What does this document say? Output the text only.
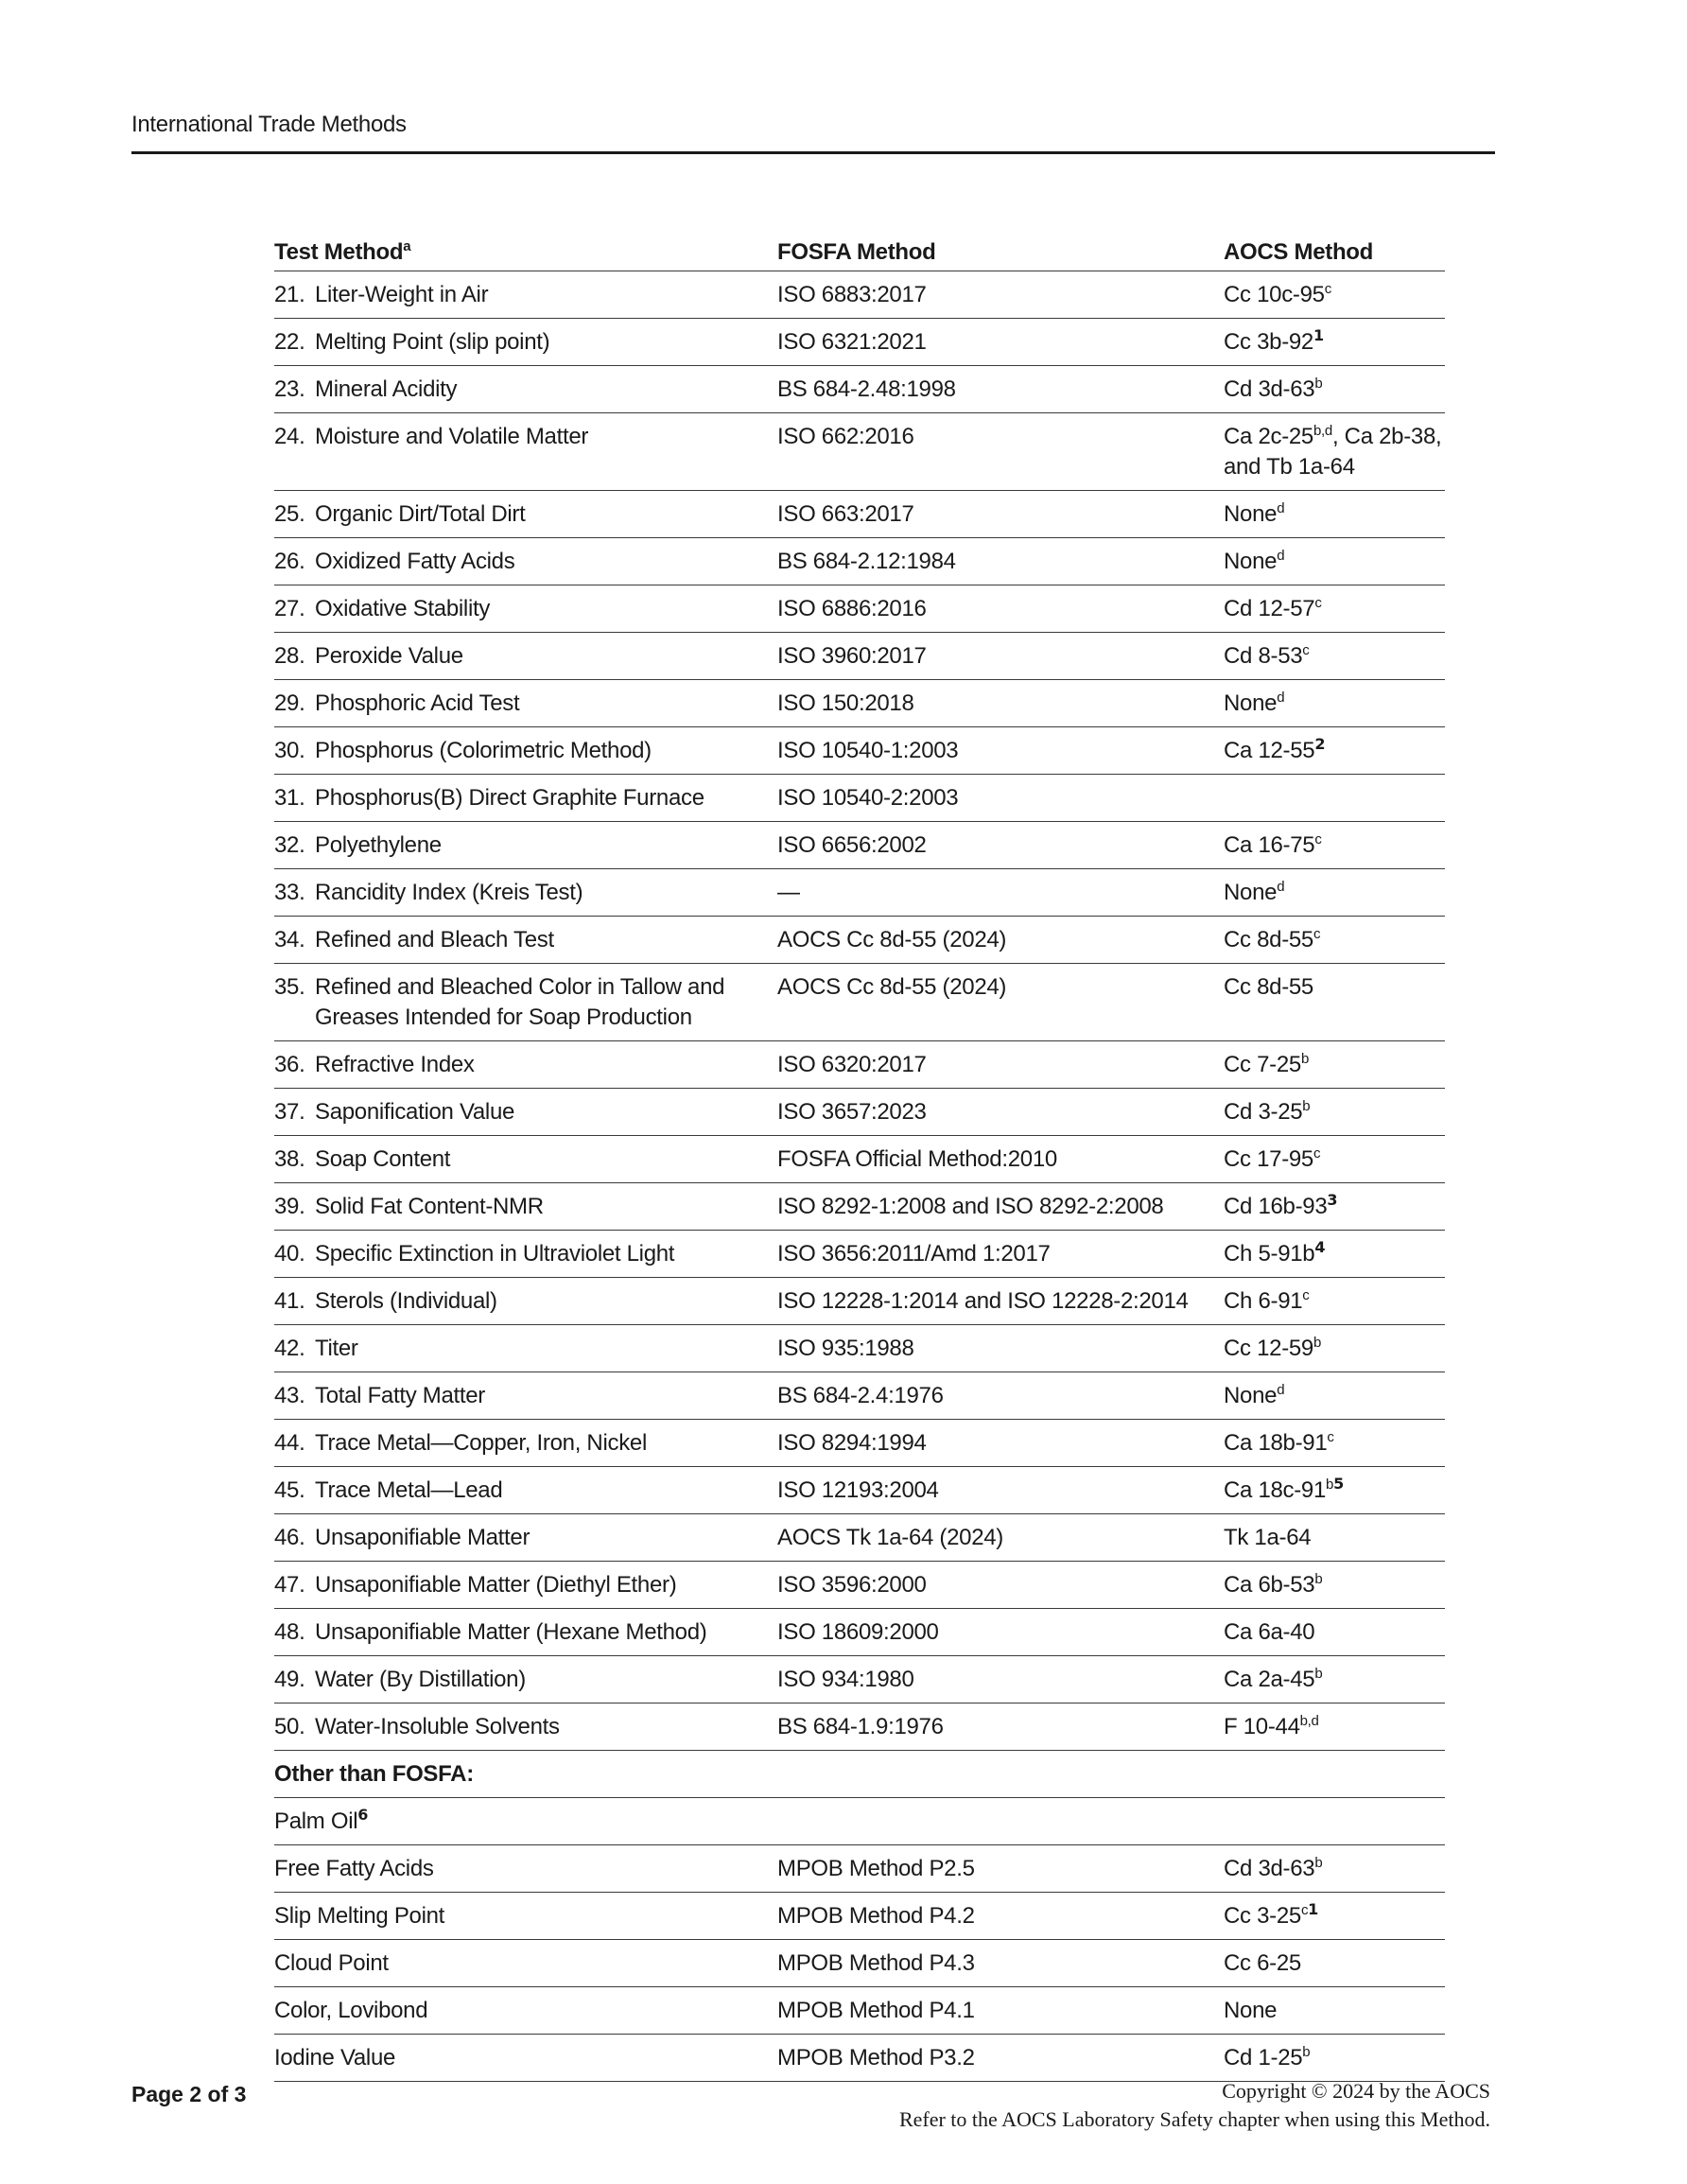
International Trade Methods
Test Method$^a$	FOSFA Method	AOCS Method
21. Liter-Weight in Air	ISO 6883:2017	Cc 10c-95$^c$
22. Melting Point (slip point)	ISO 6321:2021	Cc 3b-92$^1$
23. Mineral Acidity	BS 684-2.48:1998	Cd 3d-63$^b$
24. Moisture and Volatile Matter	ISO 662:2016	Ca 2c-25$^{b,d}$, Ca 2b-38,
and Tb 1a-64
25. Organic Dirt/Total Dirt	ISO 663:2017	None$^d$
26. Oxidized Fatty Acids	BS 684-2.12:1984	None$^d$
27. Oxidative Stability	ISO 6886:2016	Cd 12-57$^c$
28. Peroxide Value	ISO 3960:2017	Cd 8-53$^c$
29. Phosphoric Acid Test	ISO 150:2018	None$^d$
30. Phosphorus (Colorimetric Method)	ISO 10540-1:2003	Ca 12-55$^2$
31. Phosphorus(B) Direct Graphite Furnace	ISO 10540-2:2003
32. Polyethylene	ISO 6656:2002	Ca 16-75$^c$
33. Rancidity Index (Kreis Test)	—	None$^d$
34. Refined and Bleach Test	AOCS Cc 8d-55 (2024)	Cc 8d-55$^c$
35. Refined and Bleached Color in Tallow and
Greases Intended for Soap Production
AOCS Cc 8d-55 (2024)	Cc 8d-55
36. Refractive Index	ISO 6320:2017	Cc 7-25$^b$
37. Saponification Value	ISO 3657:2023	Cd 3-25$^b$
38. Soap Content	FOSFA Official Method:2010	Cc 17-95$^c$
39. Solid Fat Content-NMR	ISO 8292-1:2008 and ISO 8292-2:2008	Cd 16b-93$^3$
40. Specific Extinction in Ultraviolet Light	ISO 3656:2011/Amd 1:2017	Ch 5-91b$^4$
41. Sterols (Individual)	ISO 12228-1:2014 and ISO 12228-2:2014	Ch 6-91$^c$
42. Titer	ISO 935:1988	Cc 12-59$^b$
43. Total Fatty Matter	BS 684-2.4:1976	None$^d$
44. Trace Metal—Copper, Iron, Nickel	ISO 8294:1994	Ca 18b-91$^c$
45. Trace Metal—Lead	ISO 12193:2004	Ca 18c-91$^{b5}$
46. Unsaponifiable Matter	AOCS Tk 1a-64 (2024)	Tk 1a-64
47. Unsaponifiable Matter (Diethyl Ether)	ISO 3596:2000	Ca 6b-53$^b$
48. Unsaponifiable Matter (Hexane Method)	ISO 18609:2000	Ca 6a-40
49. Water (By Distillation)	ISO 934:1980	Ca 2a-45$^b$
50. Water-Insoluble Solvents	BS 684-1.9:1976	F 10-44$^{b,d}$
Other than FOSFA:
Palm Oil$^6$
Free Fatty Acids	MPOB Method P2.5	Cd 3d-63$^b$
Slip Melting Point	MPOB Method P4.2	Cc 3-25$^{c1}$
Cloud Point	MPOB Method P4.3	Cc 6-25
Color, Lovibond	MPOB Method P4.1	None
Iodine Value	MPOB Method P3.2	Cd 1-25$^b$
Page 2 of 3	Copyright © 2024 by the AOCS
Refer to the AOCS Laboratory Safety chapter when using this Method.
